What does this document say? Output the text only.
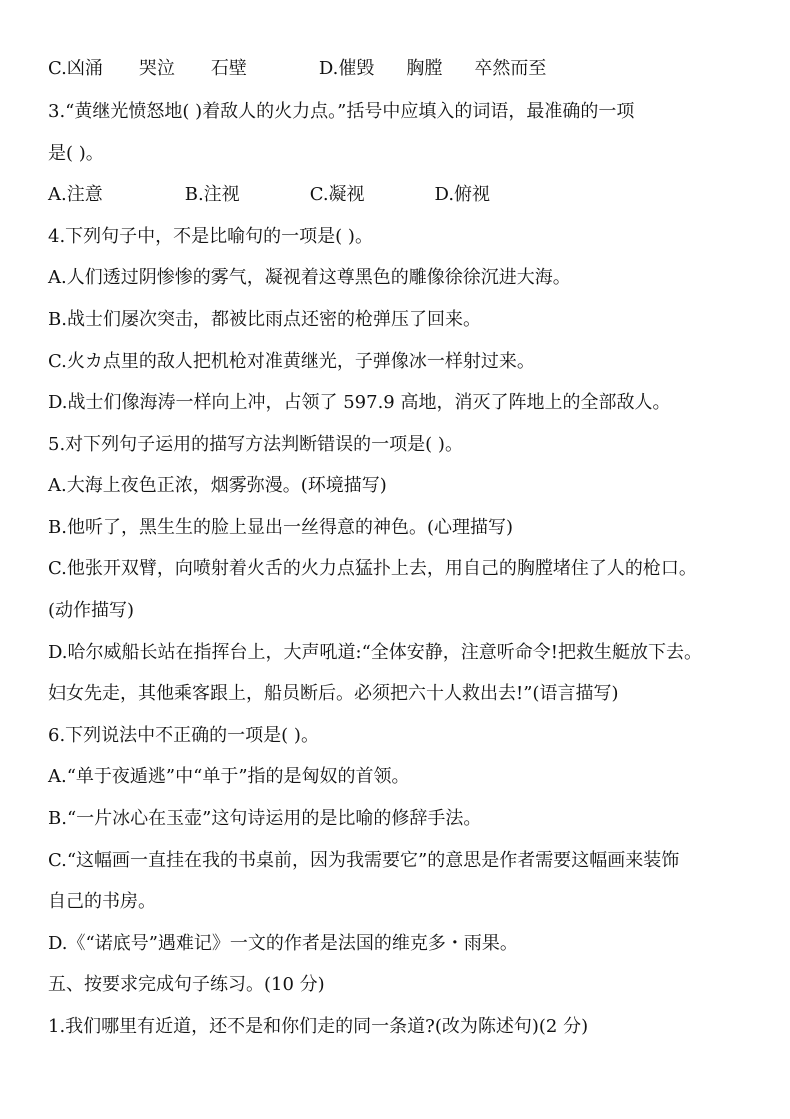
C.凶涌 哭泣 石壁	D.催毁 胸膛 卒然而至
3.“黄继光愤怒地( )着敌人的火力点。”括号中应填入的词语，最准确的一项
是( )。
A.注意	B.注视	C.凝视	D.俯视
4.下列句子中，不是比喻句的一项是( )。
A.人们透过阴惨惨的雾气，凝视着这尊黑色的雕像徐徐沉进大海。
B.战士们屡次突击，都被比雨点还密的枪弹压了回来。
C.火カ点里的敌人把机枪对准黄继光，子弹像冰一样射过来。
D.战士们像海涛一样向上冲，占领了 597.9 高地，消灭了阵地上的全部敌人。
5.对下列句子运用的描写方法判断错误的一项是( )。
A.大海上夜色正浓，烟雾弥漫。(环境描写)
B.他听了，黑生生的脸上显出一丝得意的神色。(心理描写)
C.他张开双臂，向喷射着火舌的火力点猛扑上去，用自己的胸膛堵住了人的枪口。
(动作描写)
D.哈尔威船长站在指挥台上，大声吼道:“全体安静，注意听命令!把救生艇放下去。
妇女先走，其他乘客跟上，船员断后。必须把六十人救出去!”(语言描写)
6.下列说法中不正确的一项是( )。
A.“单于夜遁逃”中“单于”指的是匈奴的首领。
B.“一片冰心在玉壶”这句诗运用的是比喻的修辞手法。
C.“这幅画一直挂在我的书桌前，因为我需要它”的意思是作者需要这幅画来装饰
自己的书房。
D.《“诺底号”遇难记》一文的作者是法国的维克多・雨果。
五、按要求完成句子练习。(10 分)
1.我们哪里有近道，还不是和你们走的同一条道?(改为陈述句)(2 分)
